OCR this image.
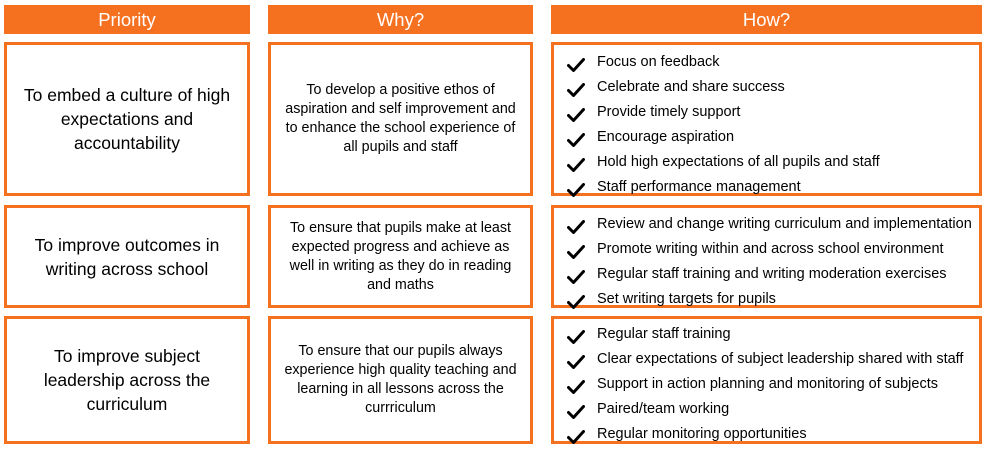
Priority	Why?	How?
To embed a culture of high expectations and accountability
To develop a positive ethos of aspiration and self improvement and to enhance the school experience of all pupils and staff
Focus on feedback
Celebrate and share success
Provide timely support
Encourage aspiration
Hold high expectations of all pupils and staff
Staff performance management
To improve outcomes in writing across school
To ensure that pupils make at least expected progress and achieve as well in writing as they do in reading and maths
Review and change writing curriculum and implementation
Promote writing within and across school environment
Regular staff training and writing moderation exercises
Set writing targets for pupils
To improve subject leadership across the curriculum
To ensure that our pupils always experience high quality teaching and learning in all lessons across the currriculum
Regular staff training
Clear expectations of subject leadership shared with staff
Support in action planning and monitoring of subjects
Paired/team working
Regular monitoring opportunities
